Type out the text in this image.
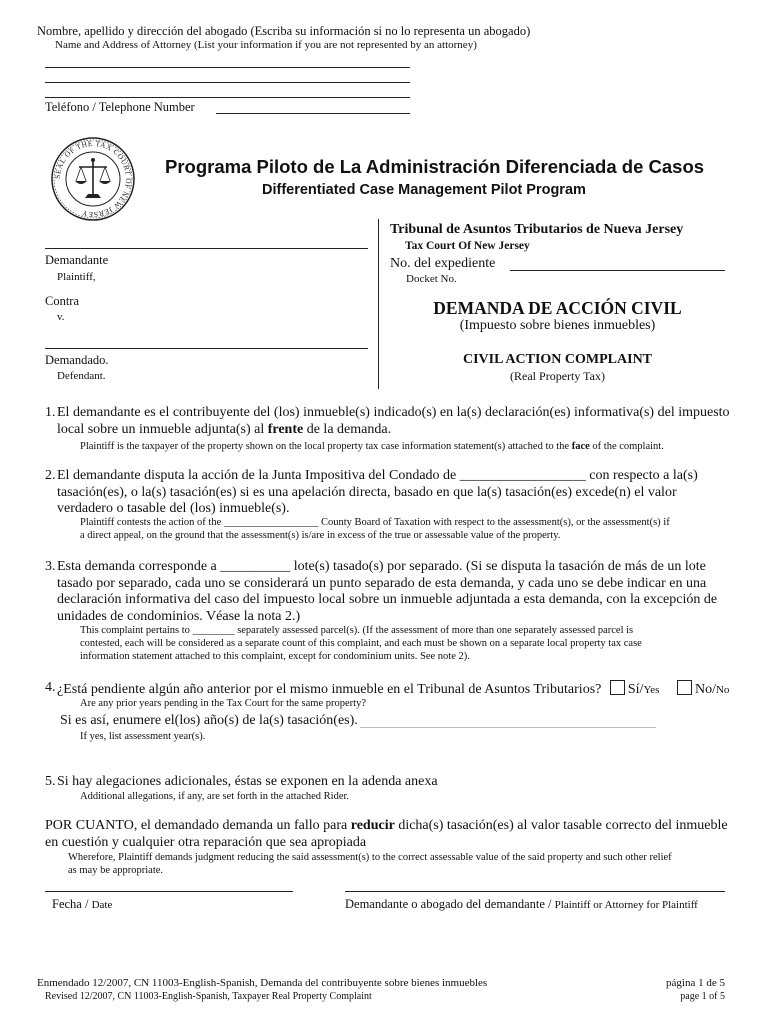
Nombre, apellido y dirección del abogado (Escriba su información si no lo representa un abogado)
Name and Address of Attorney (List your information if you are not represented by an attorney)
Teléfono / Telephone Number
SEAL OF THE TAX COURT OF NEW JERSEY
Programa Piloto de La Administración Diferenciada de Casos
Differentiated Case Management Pilot Program
Demandante
Plaintiff,
Contra
v.
Demandado.
Defendant.
Tribunal de Asuntos Tributarios de Nueva Jersey
Tax Court Of New Jersey
No. del expediente
Docket No.
DEMANDA DE ACCIÓN CIVIL
(Impuesto sobre bienes inmuebles)
CIVIL ACTION COMPLAINT
(Real Property Tax)
1. El demandante es el contribuyente del (los) inmueble(s) indicado(s) en la(s) declaración(es) informativa(s) del impuesto
local sobre un inmueble adjunta(s) al frente de la demanda.
Plaintiff is the taxpayer of the property shown on the local property tax case information statement(s) attached to the face of the complaint.
2. El demandante disputa la acción de la Junta Impositiva del Condado de __________________ con respecto a la(s)
tasación(es), o la(s) tasación(es) si es una apelación directa, basado en que la(s) tasación(es) excede(n) el valor
verdadero o tasable del (los) inmueble(s).
Plaintiff contests the action of the __________________ County Board of Taxation with respect to the assessment(s), or the assessment(s) if
a direct appeal, on the ground that the assessment(s) is/are in excess of the true or assessable value of the property.
3. Esta demanda corresponde a __________ lote(s) tasado(s) por separado. (Si se disputa la tasación de más de un lote
tasado por separado, cada uno se considerará un punto separado de esta demanda, y cada uno se debe indicar en una
declaración informativa del caso del impuesto local sobre un inmueble adjuntada a esta demanda, con la excepción de
unidades de condominios. Véase la nota 2.)
This complaint pertains to ________ separately assessed parcel(s). (If the assessment of more than one separately assessed parcel is
contested, each will be considered as a separate count of this complaint, and each must be shown on a separate local property tax case
information statement attached to this complaint, except for condominium units. See note 2).
4. ¿Está pendiente algún año anterior por el mismo inmueble en el Tribunal de Asuntos Tributarios? Sí/Yes	No/No
Are any prior years pending in the Tax Court for the same property?
Si es así, enumere el(los) año(s) de la(s) tasación(es).
If yes, list assessment year(s).
5. Si hay alegaciones adicionales, éstas se exponen en la adenda anexa
Additional allegations, if any, are set forth in the attached Rider.
POR CUANTO, el demandado demanda un fallo para reducir dicha(s) tasación(es) al valor tasable correcto del inmueble
en cuestión y cualquier otra reparación que sea apropiada
Wherefore, Plaintiff demands judgment reducing the said assessment(s) to the correct assessable value of the said property and such other relief
as may be appropriate.
Fecha / Date	Demandante o abogado del demandante / Plaintiff or Attorney for Plaintiff
Enmendado 12/2007, CN 11003-English-Spanish, Demanda del contribuyente sobre bienes inmuebles
Revised 12/2007, CN 11003-English-Spanish, Taxpayer Real Property Complaint
página 1 de 5
page 1 of 5
